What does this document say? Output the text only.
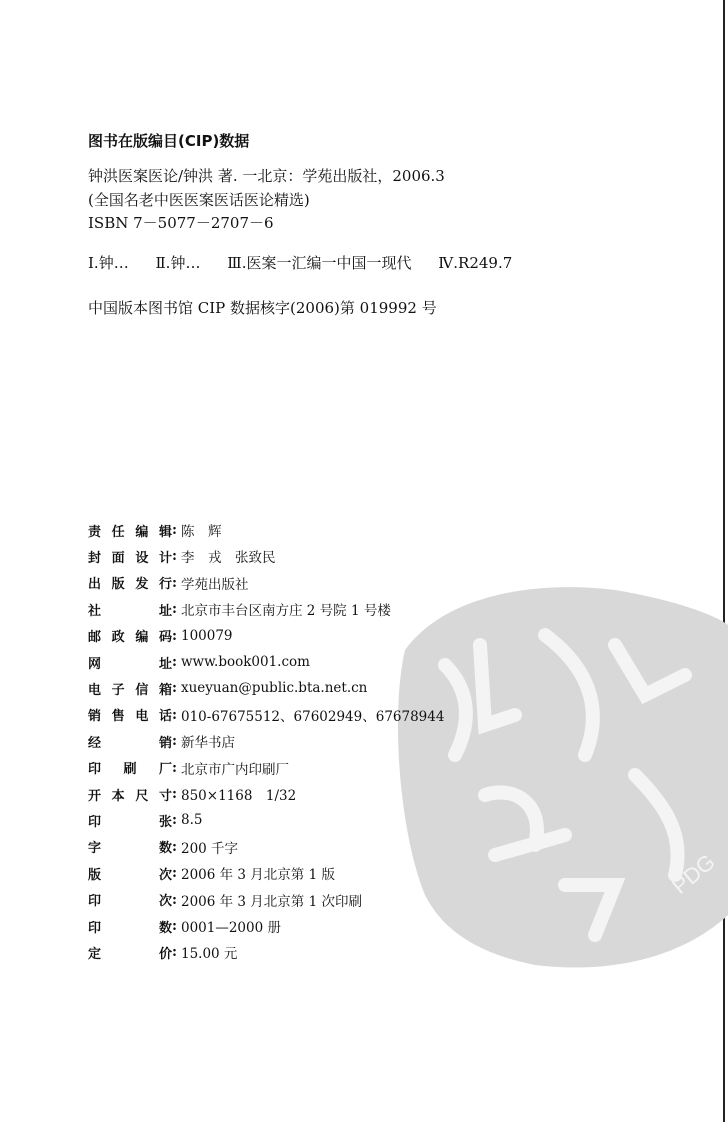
PDG
图书在版编目(CIP)数据
钟洪医案医论/钟洪 著. 一北京：学苑出版社，2006.3
(全国名老中医医案医话医论精选)
ISBN 7－5077－2707－6
Ⅰ.钟… Ⅱ.钟… Ⅲ.医案一汇编一中国一现代 Ⅳ.R249.7
中国版本图书馆 CIP 数据核字(2006)第 019992 号
责任编辑 : 陈　辉
封面设计 : 李　戎　张致民
出版发行 : 学苑出版社
社　　址 : 北京市丰台区南方庄 2 号院 1 号楼
邮政编码 : 100079
网　　址 : www.book001.com
电子信箱 : xueyuan@public.bta.net.cn
销售电话 : 010-67675512、67602949、67678944
经　　销 : 新华书店
印 刷 厂 : 北京市广内印刷厂
开本尺寸 : 850×1168　1/32
印　　张 : 8.5
字　　数 : 200 千字
版　　次 : 2006 年 3 月北京第 1 版
印　　次 : 2006 年 3 月北京第 1 次印刷
印　　数 : 0001—2000 册
定　　价 : 15.00 元
